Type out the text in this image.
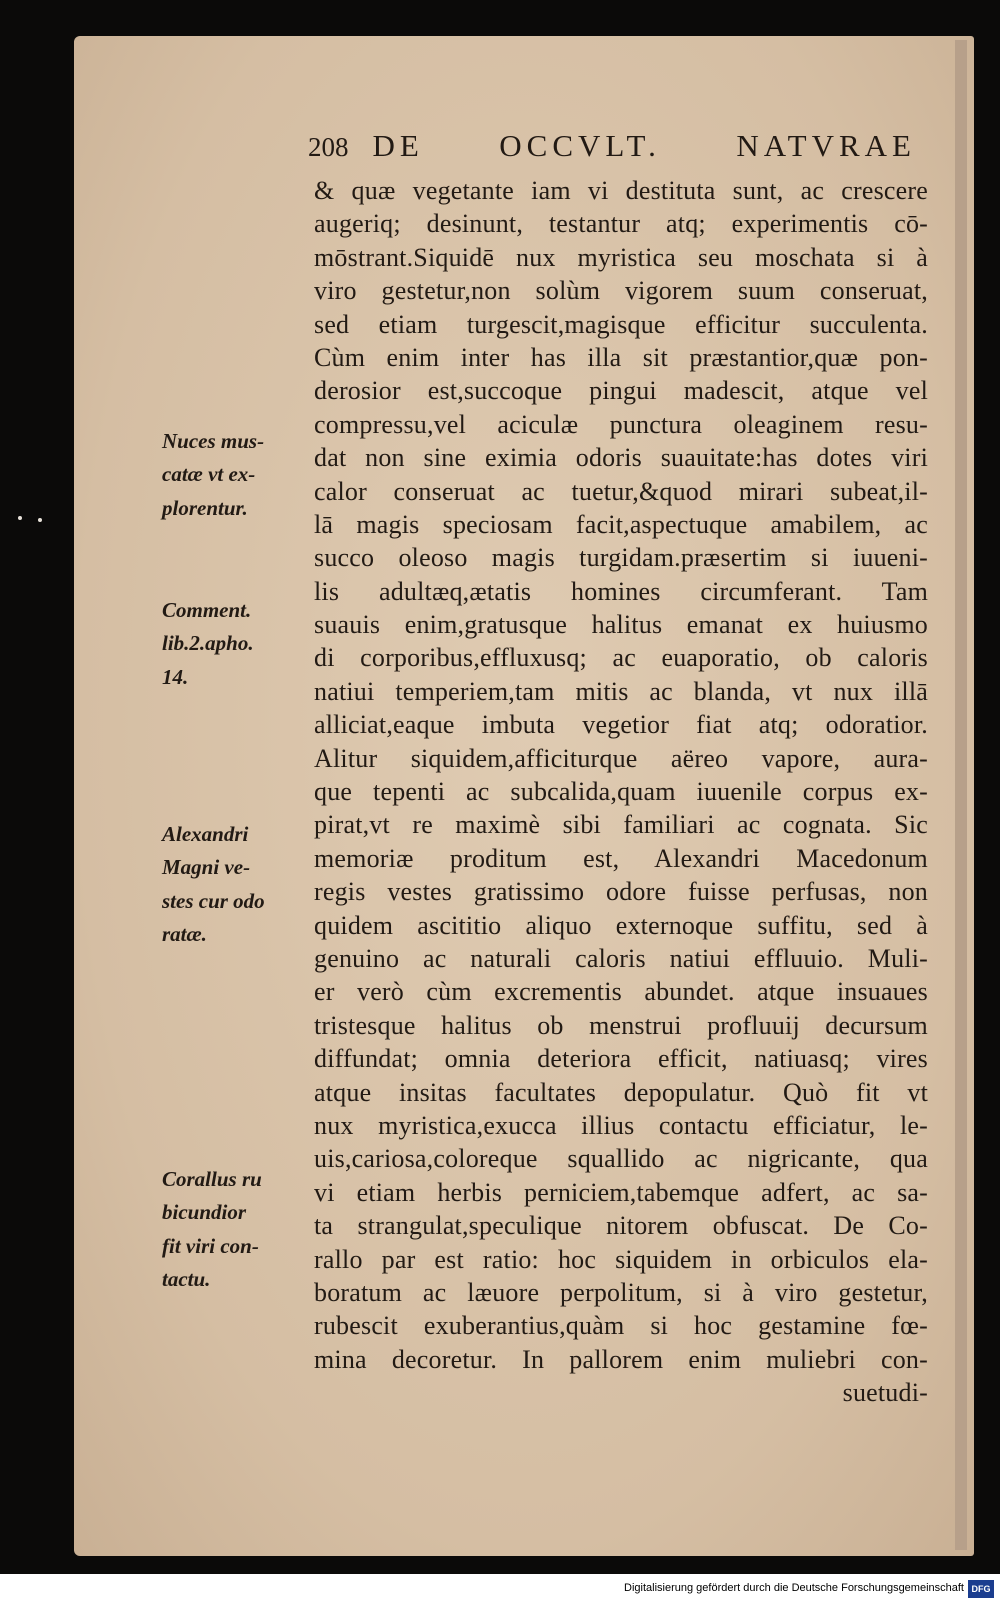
208 DE OCCVLT. NATVRAE
& quæ vegetante iam vi destituta sunt, ac crescere
augeriq; desinunt, testantur atq; experimentis cō-
mōstrant.Siquidē nux myristica seu moschata si à
viro gestetur,non solùm vigorem suum conseruat,
sed etiam turgescit,magisque efficitur succulenta.
Cùm enim inter has illa sit præstantior,quæ pon-
derosior est,succoque pingui madescit, atque vel
compressu,vel aciculæ punctura oleaginem resu-
dat non sine eximia odoris suauitate:has dotes viri
calor conseruat ac tuetur,&quod mirari subeat,il-
lā magis speciosam facit,aspectuque amabilem, ac
succo oleoso magis turgidam.præsertim si iuueni-
lis adultæq,ætatis homines circumferant. Tam
suauis enim,gratusque halitus emanat ex huiusmo
di corporibus,effluxusq; ac euaporatio, ob caloris
natiui temperiem,tam mitis ac blanda, vt nux illā
alliciat,eaque imbuta vegetior fiat atq; odoratior.
Alitur siquidem,afficiturque aëreo vapore, aura-
que tepenti ac subcalida,quam iuuenile corpus ex-
pirat,vt re maximè sibi familiari ac cognata. Sic
memoriæ proditum est, Alexandri Macedonum
regis vestes gratissimo odore fuisse perfusas, non
quidem ascititio aliquo externoque suffitu, sed à
genuino ac naturali caloris natiui effluuio. Muli-
er verò cùm excrementis abundet. atque insuaues
tristesque halitus ob menstrui profluuij decursum
diffundat; omnia deteriora efficit, natiuasq; vires
atque insitas facultates depopulatur. Quò fit vt
nux myristica,exucca illius contactu efficiatur, le-
uis,cariosa,coloreque squallido ac nigricante, qua
vi etiam herbis perniciem,tabemque adfert, ac sa-
ta strangulat,speculique nitorem obfuscat. De Co-
rallo par est ratio: hoc siquidem in orbiculos ela-
boratum ac læuore perpolitum, si à viro gestetur,
rubescit exuberantius,quàm si hoc gestamine fœ-
mina decoretur. In pallorem enim muliebri con-
suetudi-
Nuces mus-
catæ vt ex-
plorentur.
Comment.
lib.2.apho.
14.
Alexandri
Magni ve-
stes cur odo
ratæ.
Corallus ru
bicundior
fit viri con-
tactu.
Digitalisierung gefördert durch die Deutsche Forschungsgemeinschaft DFG
